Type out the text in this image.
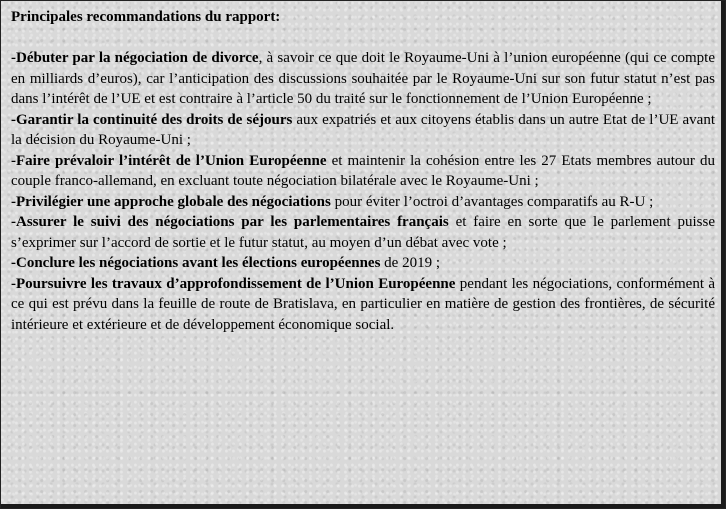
Principales recommandations du rapport:

-Débuter par la négociation de divorce, à savoir ce que doit le Royaume-Uni à l’union européenne (qui ce compte en milliards d’euros), car l’anticipation des discussions souhaitée par le Royaume-Uni sur son futur statut n’est pas dans l’intérêt de l’UE et est contraire à l’article 50 du traité sur le fonctionnement de l’Union Européenne ;

-Garantir la continuité des droits de séjours aux expatriés et aux citoyens établis dans un autre Etat de l’UE avant la décision du Royaume-Uni ;

-Faire prévaloir l’intérêt de l’Union Européenne et maintenir la cohésion entre les 27 Etats membres autour du couple franco-allemand, en excluant toute négociation bilatérale avec le Royaume-Uni ;

-Privilégier une approche globale des négociations pour éviter l’octroi d’avantages comparatifs au R-U ;

-Assurer le suivi des négociations par les parlementaires français et faire en sorte que le parlement puisse s’exprimer sur l’accord de sortie et le futur statut, au moyen d’un débat avec vote ;

-Conclure les négociations avant les élections européennes de 2019 ;

-Poursuivre les travaux d’approfondissement de l’Union Européenne pendant les négociations, conformément à ce qui est prévu dans la feuille de route de Bratislava, en particulier en matière de gestion des frontières, de sécurité intérieure et extérieure et de développement économique social.
